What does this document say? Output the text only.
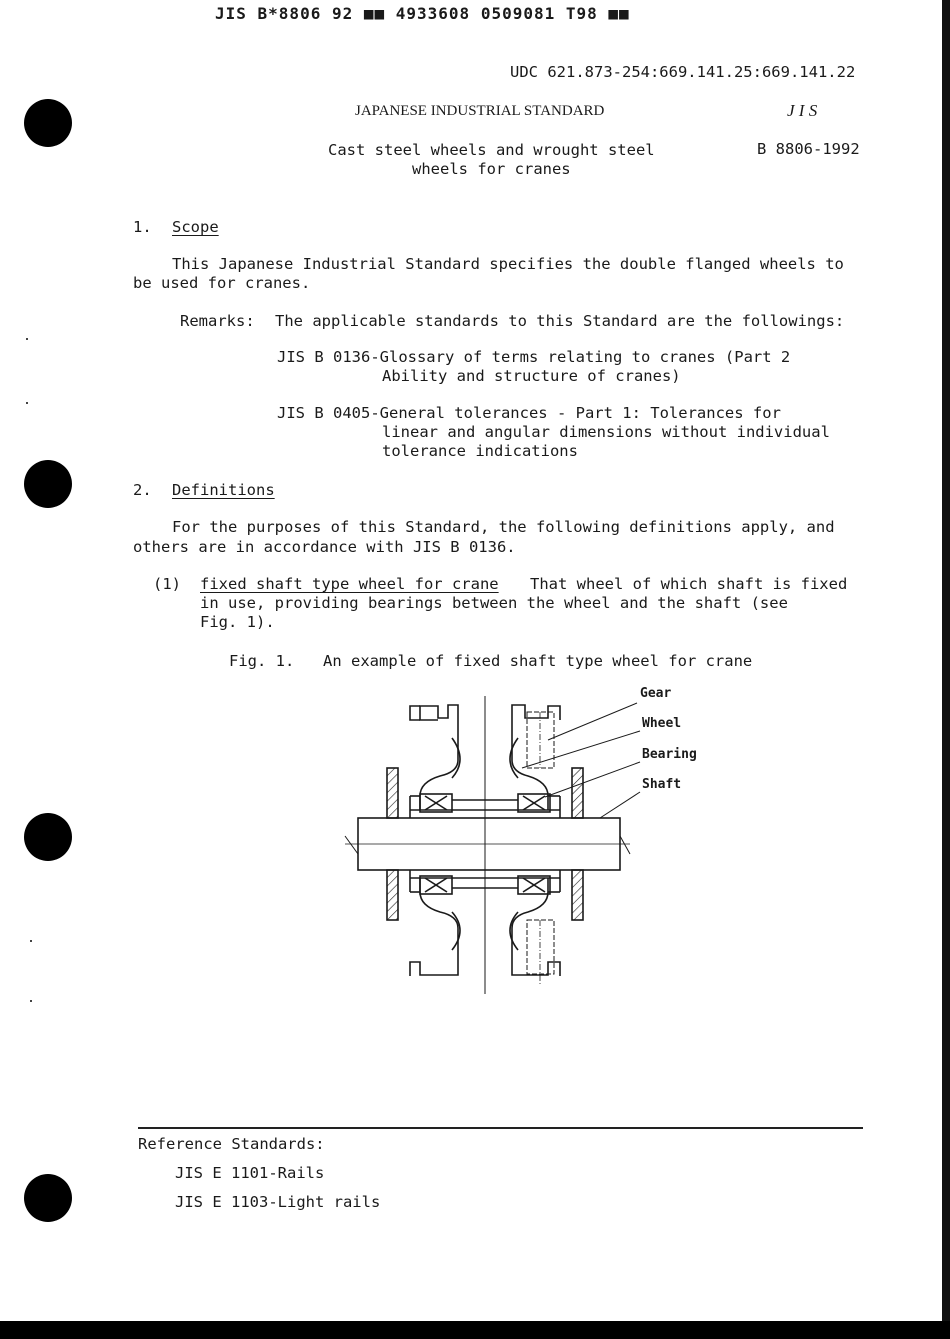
JIS B*8806 92 ■■ 4933608 0509081 T98 ■■
UDC 621.873-254:669.141.25:669.141.22
JAPANESE INDUSTRIAL STANDARD	J I S
Cast steel wheels and wrought steel
wheels for cranes
B 8806-1992
1. Scope
This Japanese Industrial Standard specifies the double flanged wheels to
be used for cranes.
Remarks: The applicable standards to this Standard are the followings:
JIS B 0136-Glossary of terms relating to cranes (Part 2
Ability and structure of cranes)
JIS B 0405-General tolerances - Part 1: Tolerances for
linear and angular dimensions without individual
tolerance indications
2. Definitions
For the purposes of this Standard, the following definitions apply, and
others are in accordance with JIS B 0136.
(1) fixed shaft type wheel for crane That wheel of which shaft is fixed
in use, providing bearings between the wheel and the shaft (see
Fig. 1).
Fig. 1. An example of fixed shaft type wheel for crane
Gear
Wheel
Bearing
Shaft
Reference Standards:
JIS E 1101-Rails
JIS E 1103-Light rails
